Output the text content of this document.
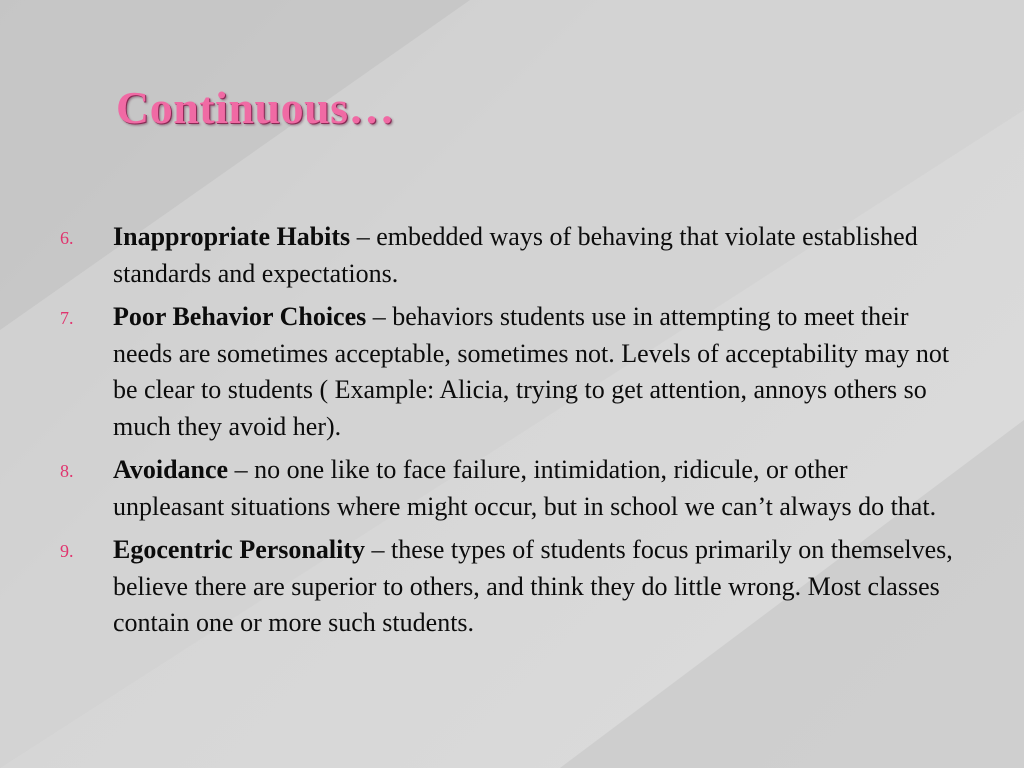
Continuous…
6. Inappropriate Habits – embedded ways of behaving that violate established standards and expectations.
7. Poor Behavior Choices – behaviors students use in attempting to meet their needs are sometimes acceptable, sometimes not. Levels of acceptability may not be clear to students ( Example: Alicia, trying to get attention, annoys others so much they avoid her).
8. Avoidance – no one like to face failure, intimidation, ridicule, or other unpleasant situations where might occur, but in school we can’t always do that.
9. Egocentric Personality – these types of students focus primarily on themselves, believe there are superior to others, and think they do little wrong. Most classes contain one or more such students.
